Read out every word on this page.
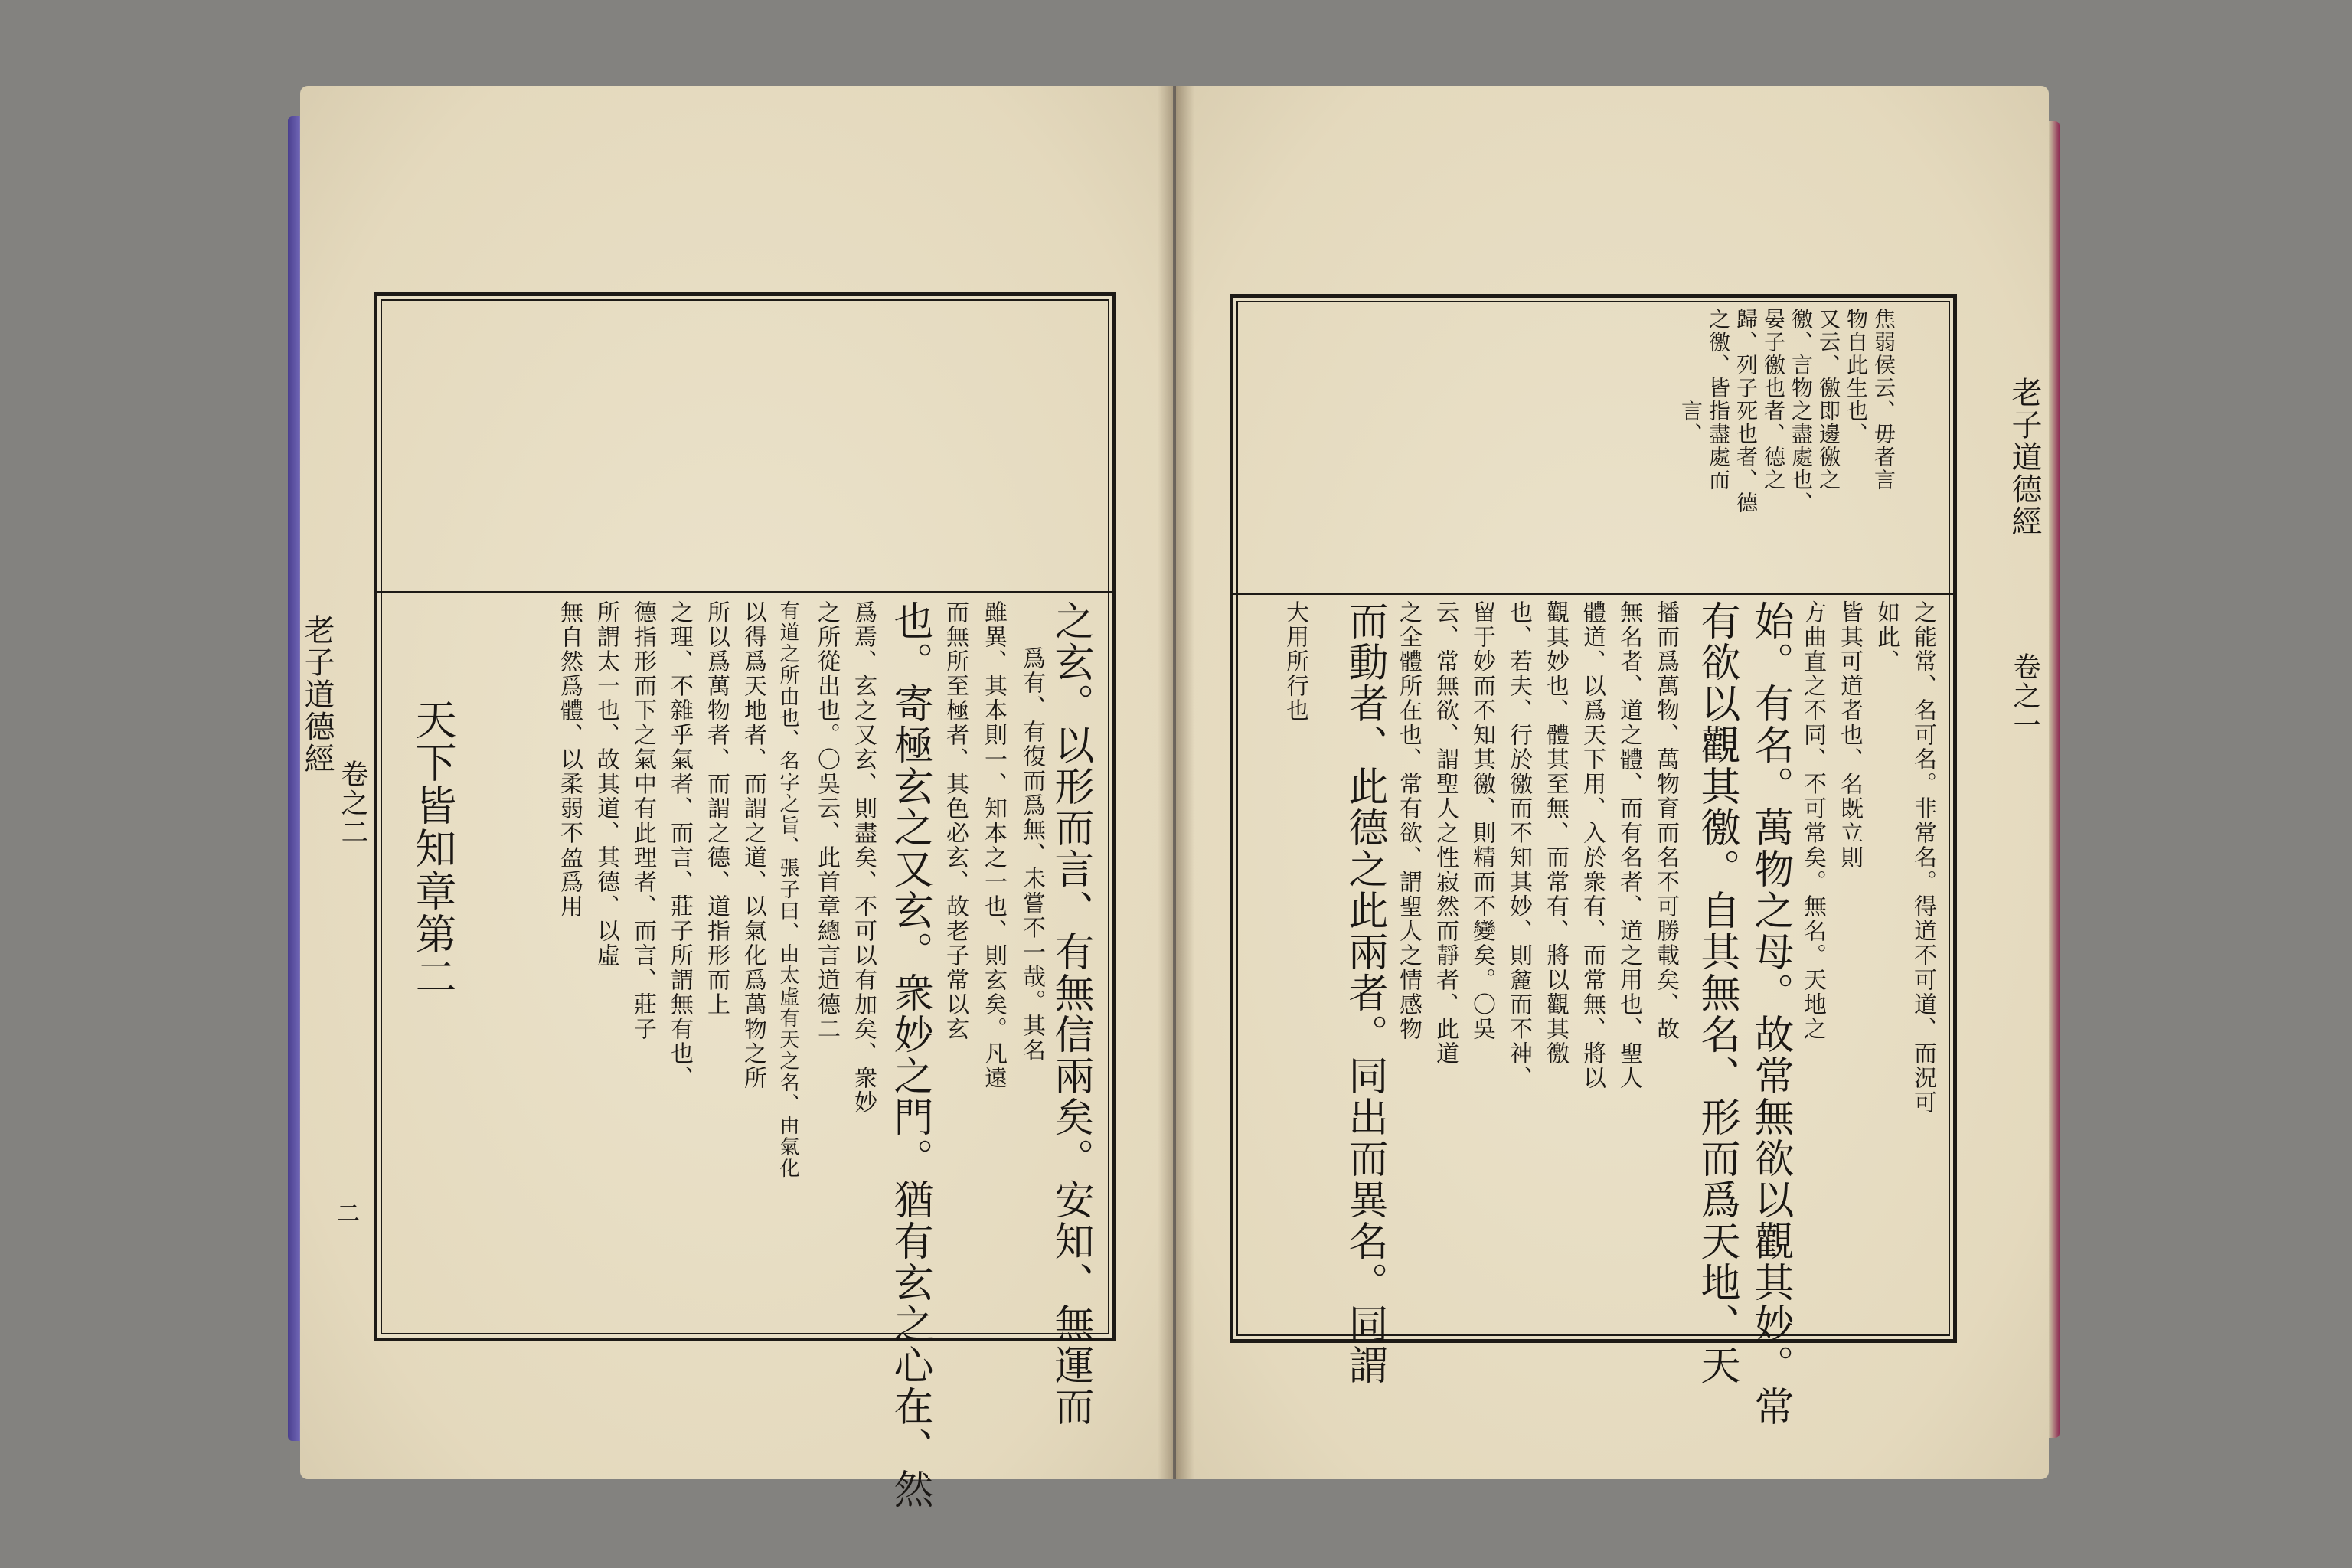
老子道德經
卷之二
二	之玄。以形而言、有無信兩矣。安知、無運而
爲有、有復而爲無、未嘗不一哉。其名
雖異、其本則一、知本之一也、則玄矣。凡遠
而無所至極者、其色必玄、故老子常以玄
也。寄極玄之又玄。衆妙之門。猶有玄之心在、然
爲焉、玄之又玄、則盡矣、不可以有加矣、衆妙
之所從出也。〇吳云、此首章總言道德二
有道之所由也、名字之旨、張子曰、由太虛有天之名、由氣化
以得爲天地者、而謂之道、以氣化爲萬物之所
所以爲萬物者、而謂之德、道指形而上
之理、不雜乎氣者、而言、莊子所謂無有也、
德指形而下之氣中有此理者、而言、莊子
所謂太一也、故其道、其德、以虛
無自然爲體、以柔弱不盈爲用
天下皆知章第二
老子道德經
卷之一
焦弱侯云、毋者言
物自此生也、
又云、徼即邊徼之
徼、言物之盡處也、
晏子徼也者、德之
歸、列子死也者、德
之徼、皆指盡處而
言、
之能常、名可名。非常名。得道不可道、而況可
如此、
皆其可道者也、名既立則
方曲直之不同、不可常矣。無名。天地之
始。有名。萬物之母。故常無欲以觀其妙。常
有欲以觀其徼。自其無名、形而爲天地、天
播而爲萬物、萬物育而名不可勝載矣、故
無名者、道之體、而有名者、道之用也、聖人
體道、以爲天下用、入於衆有、而常無、將以
觀其妙也、體其至無、而常有、將以觀其徼
也、若夫、行於徼而不知其妙、則麄而不神、
留于妙而不知其徼、則精而不變矣。〇吳
云、常無欲、謂聖人之性寂然而靜者、此道
之全體所在也、常有欲、謂聖人之情感物
而動者、此德之此兩者。同出而異名。同謂
大用所行也
